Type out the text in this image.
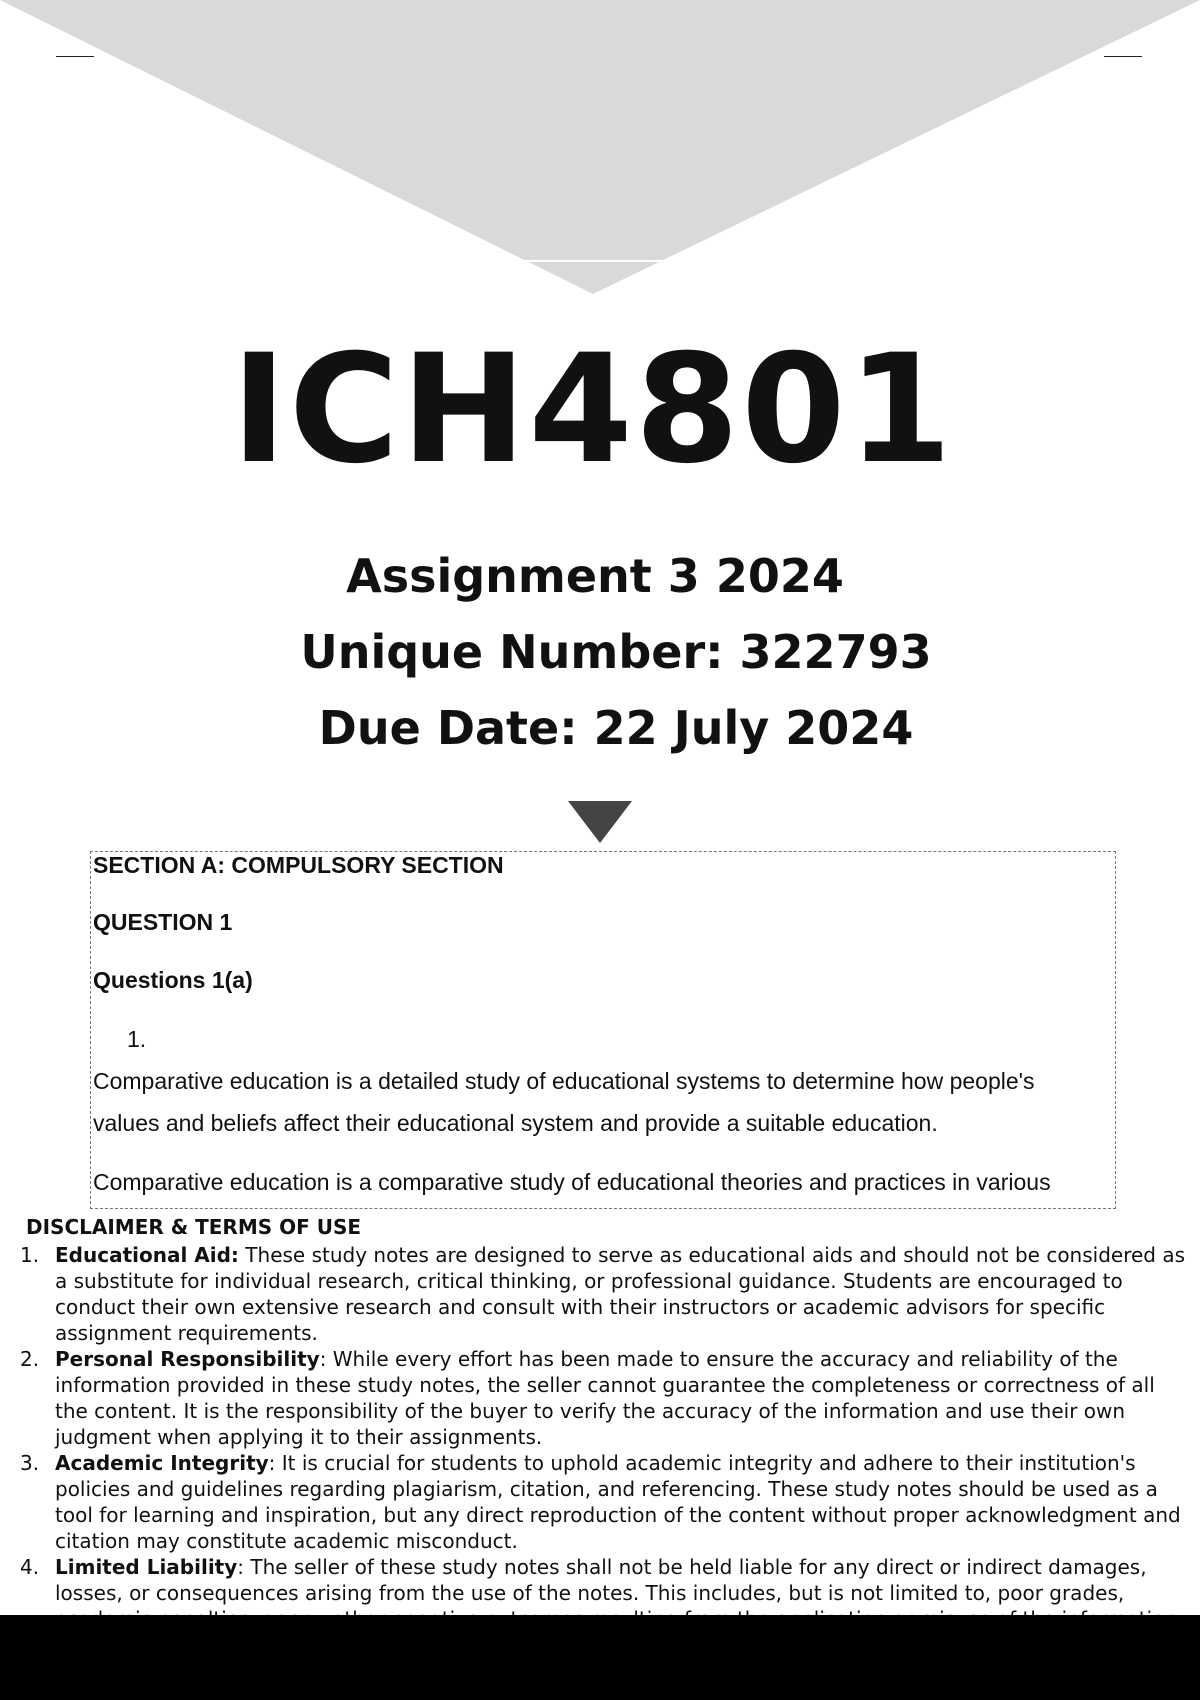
ICH4801

Assignment 3 2024

Unique Number: 322793

Due Date: 22 July 2024

SECTION A: COMPULSORY SECTION

QUESTION 1

Questions 1(a)

1.

Comparative education is a detailed study of educational systems to determine how people's

values and beliefs affect their educational system and provide a suitable education.

Comparative education is a comparative study of educational theories and practices in various

DISCLAIMER & TERMS OF USE

1. Educational Aid: These study notes are designed to serve as educational aids and should not be considered as a substitute for individual research, critical thinking, or professional guidance. Students are encouraged to conduct their own extensive research and consult with their instructors or academic advisors for specific assignment requirements.
2. Personal Responsibility: While every effort has been made to ensure the accuracy and reliability of the information provided in these study notes, the seller cannot guarantee the completeness or correctness of all the content. It is the responsibility of the buyer to verify the accuracy of the information and use their own judgment when applying it to their assignments.
3. Academic Integrity: It is crucial for students to uphold academic integrity and adhere to their institution's policies and guidelines regarding plagiarism, citation, and referencing. These study notes should be used as a tool for learning and inspiration, but any direct reproduction of the content without proper acknowledgment and citation may constitute academic misconduct.
4. Limited Liability: The seller of these study notes shall not be held liable for any direct or indirect damages, losses, or consequences arising from the use of the notes. This includes, but is not limited to, poor grades,
